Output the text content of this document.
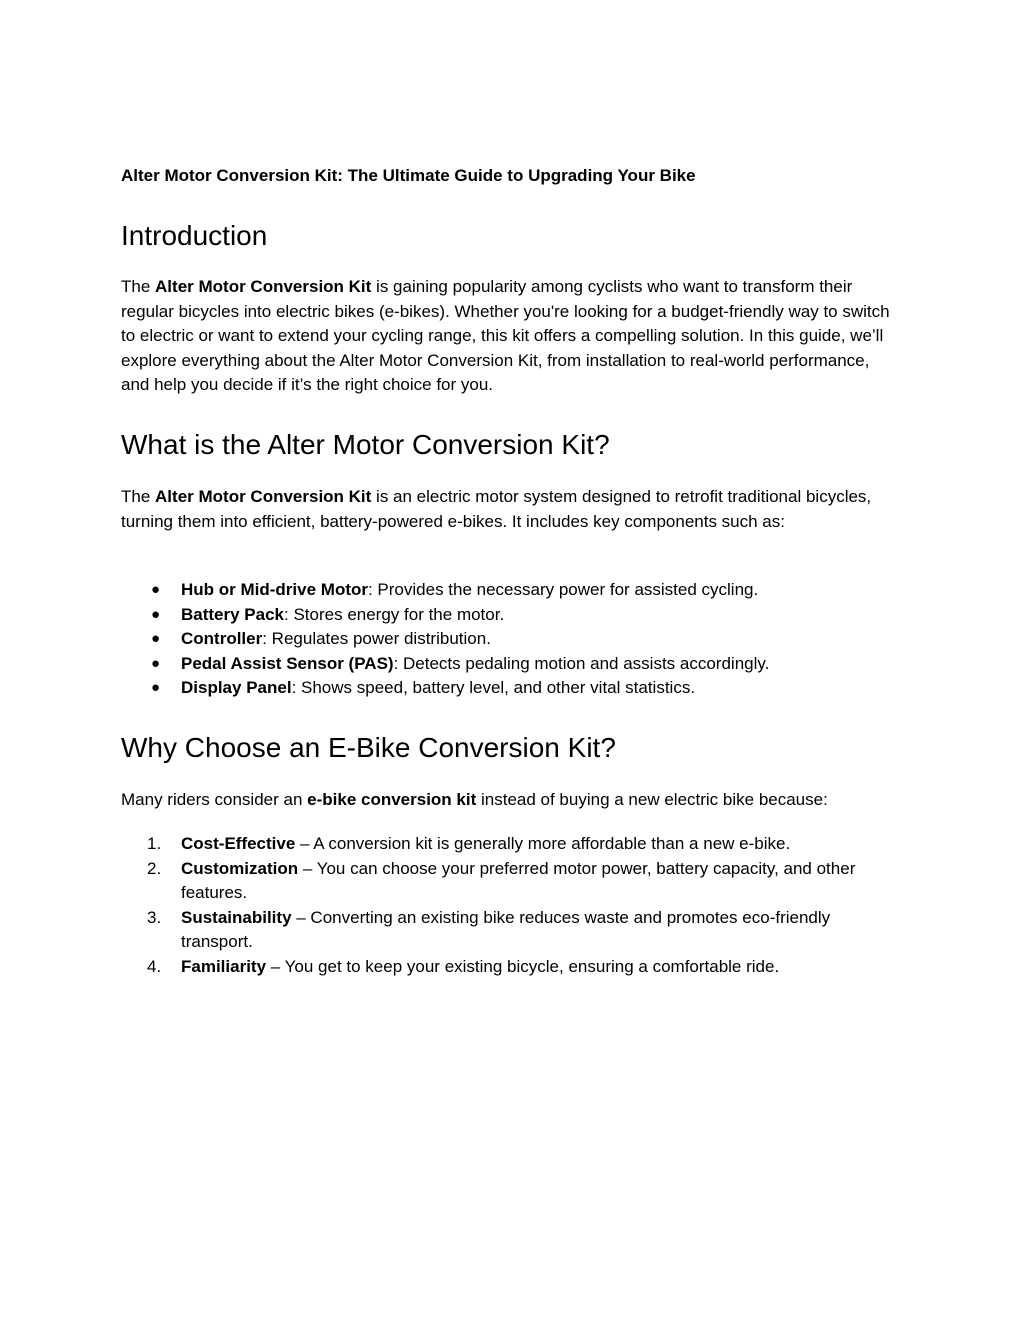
Alter Motor Conversion Kit: The Ultimate Guide to Upgrading Your Bike

Introduction

The Alter Motor Conversion Kit is gaining popularity among cyclists who want to transform their regular bicycles into electric bikes (e-bikes). Whether you're looking for a budget-friendly way to switch to electric or want to extend your cycling range, this kit offers a compelling solution. In this guide, we’ll explore everything about the Alter Motor Conversion Kit, from installation to real-world performance, and help you decide if it’s the right choice for you.

What is the Alter Motor Conversion Kit?

The Alter Motor Conversion Kit is an electric motor system designed to retrofit traditional bicycles, turning them into efficient, battery-powered e-bikes. It includes key components such as:

● Hub or Mid-drive Motor: Provides the necessary power for assisted cycling.
● Battery Pack: Stores energy for the motor.
● Controller: Regulates power distribution.
● Pedal Assist Sensor (PAS): Detects pedaling motion and assists accordingly.
● Display Panel: Shows speed, battery level, and other vital statistics.
Why Choose an E-Bike Conversion Kit?

Many riders consider an e-bike conversion kit instead of buying a new electric bike because:

1. Cost-Effective – A conversion kit is generally more affordable than a new e-bike.
2. Customization – You can choose your preferred motor power, battery capacity, and other features.
3. Sustainability – Converting an existing bike reduces waste and promotes eco-friendly transport.
4. Familiarity – You get to keep your existing bicycle, ensuring a comfortable ride.
